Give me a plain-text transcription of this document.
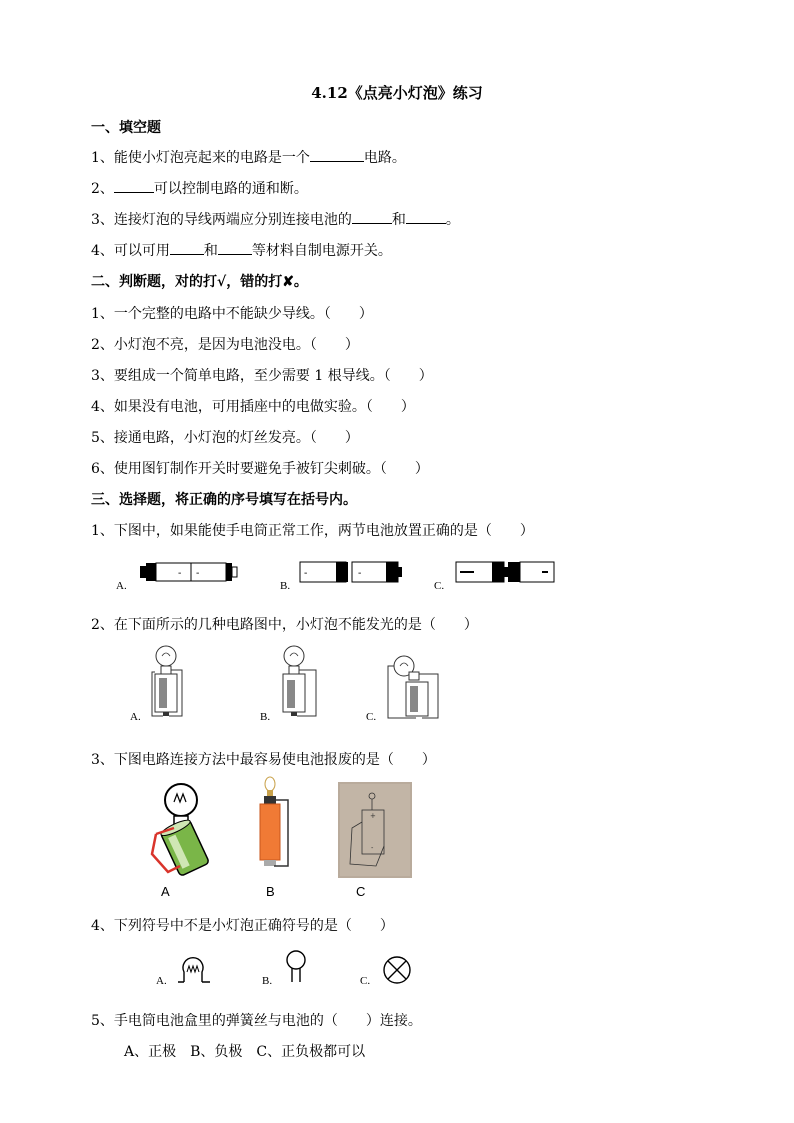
4.12《点亮小灯泡》练习
一、填空题
1、能使小灯泡亮起来的电路是一个	电路。
2、	可以控制电路的通和断。
3、连接灯泡的导线两端应分别连接电池的	和	。
4、可以可用 和 等材料自制电源开关。
二、判断题，对的打√，错的打✘。
1、一个完整的电路中不能缺少导线。（　　）
2、小灯泡不亮，是因为电池没电。（　　）
3、要组成一个简单电路，至少需要 1 根导线。（　　）
4、如果没有电池，可用插座中的电做实验。（　　）
5、接通电路，小灯泡的灯丝发亮。（　　）
6、使用图钉制作开关时要避免手被钉尖刺破。（　　）
三、选择题，将正确的序号填写在括号内。
1、下图中，如果能使手电筒正常工作，两节电池放置正确的是（　　）
A.
- -
B.
-	-
C.
2、在下面所示的几种电路图中，小灯泡不能发光的是（　　）
A.	B.	C.
3、下图电路连接方法中最容易使电池报废的是（　　）
A	B
+
-
C
4、下列符号中不是小灯泡正确符号的是（　　）
A.	B.	C.
5、手电筒电池盒里的弹簧丝与电池的（　　）连接。
A、正极　B、负极　C、正负极都可以
